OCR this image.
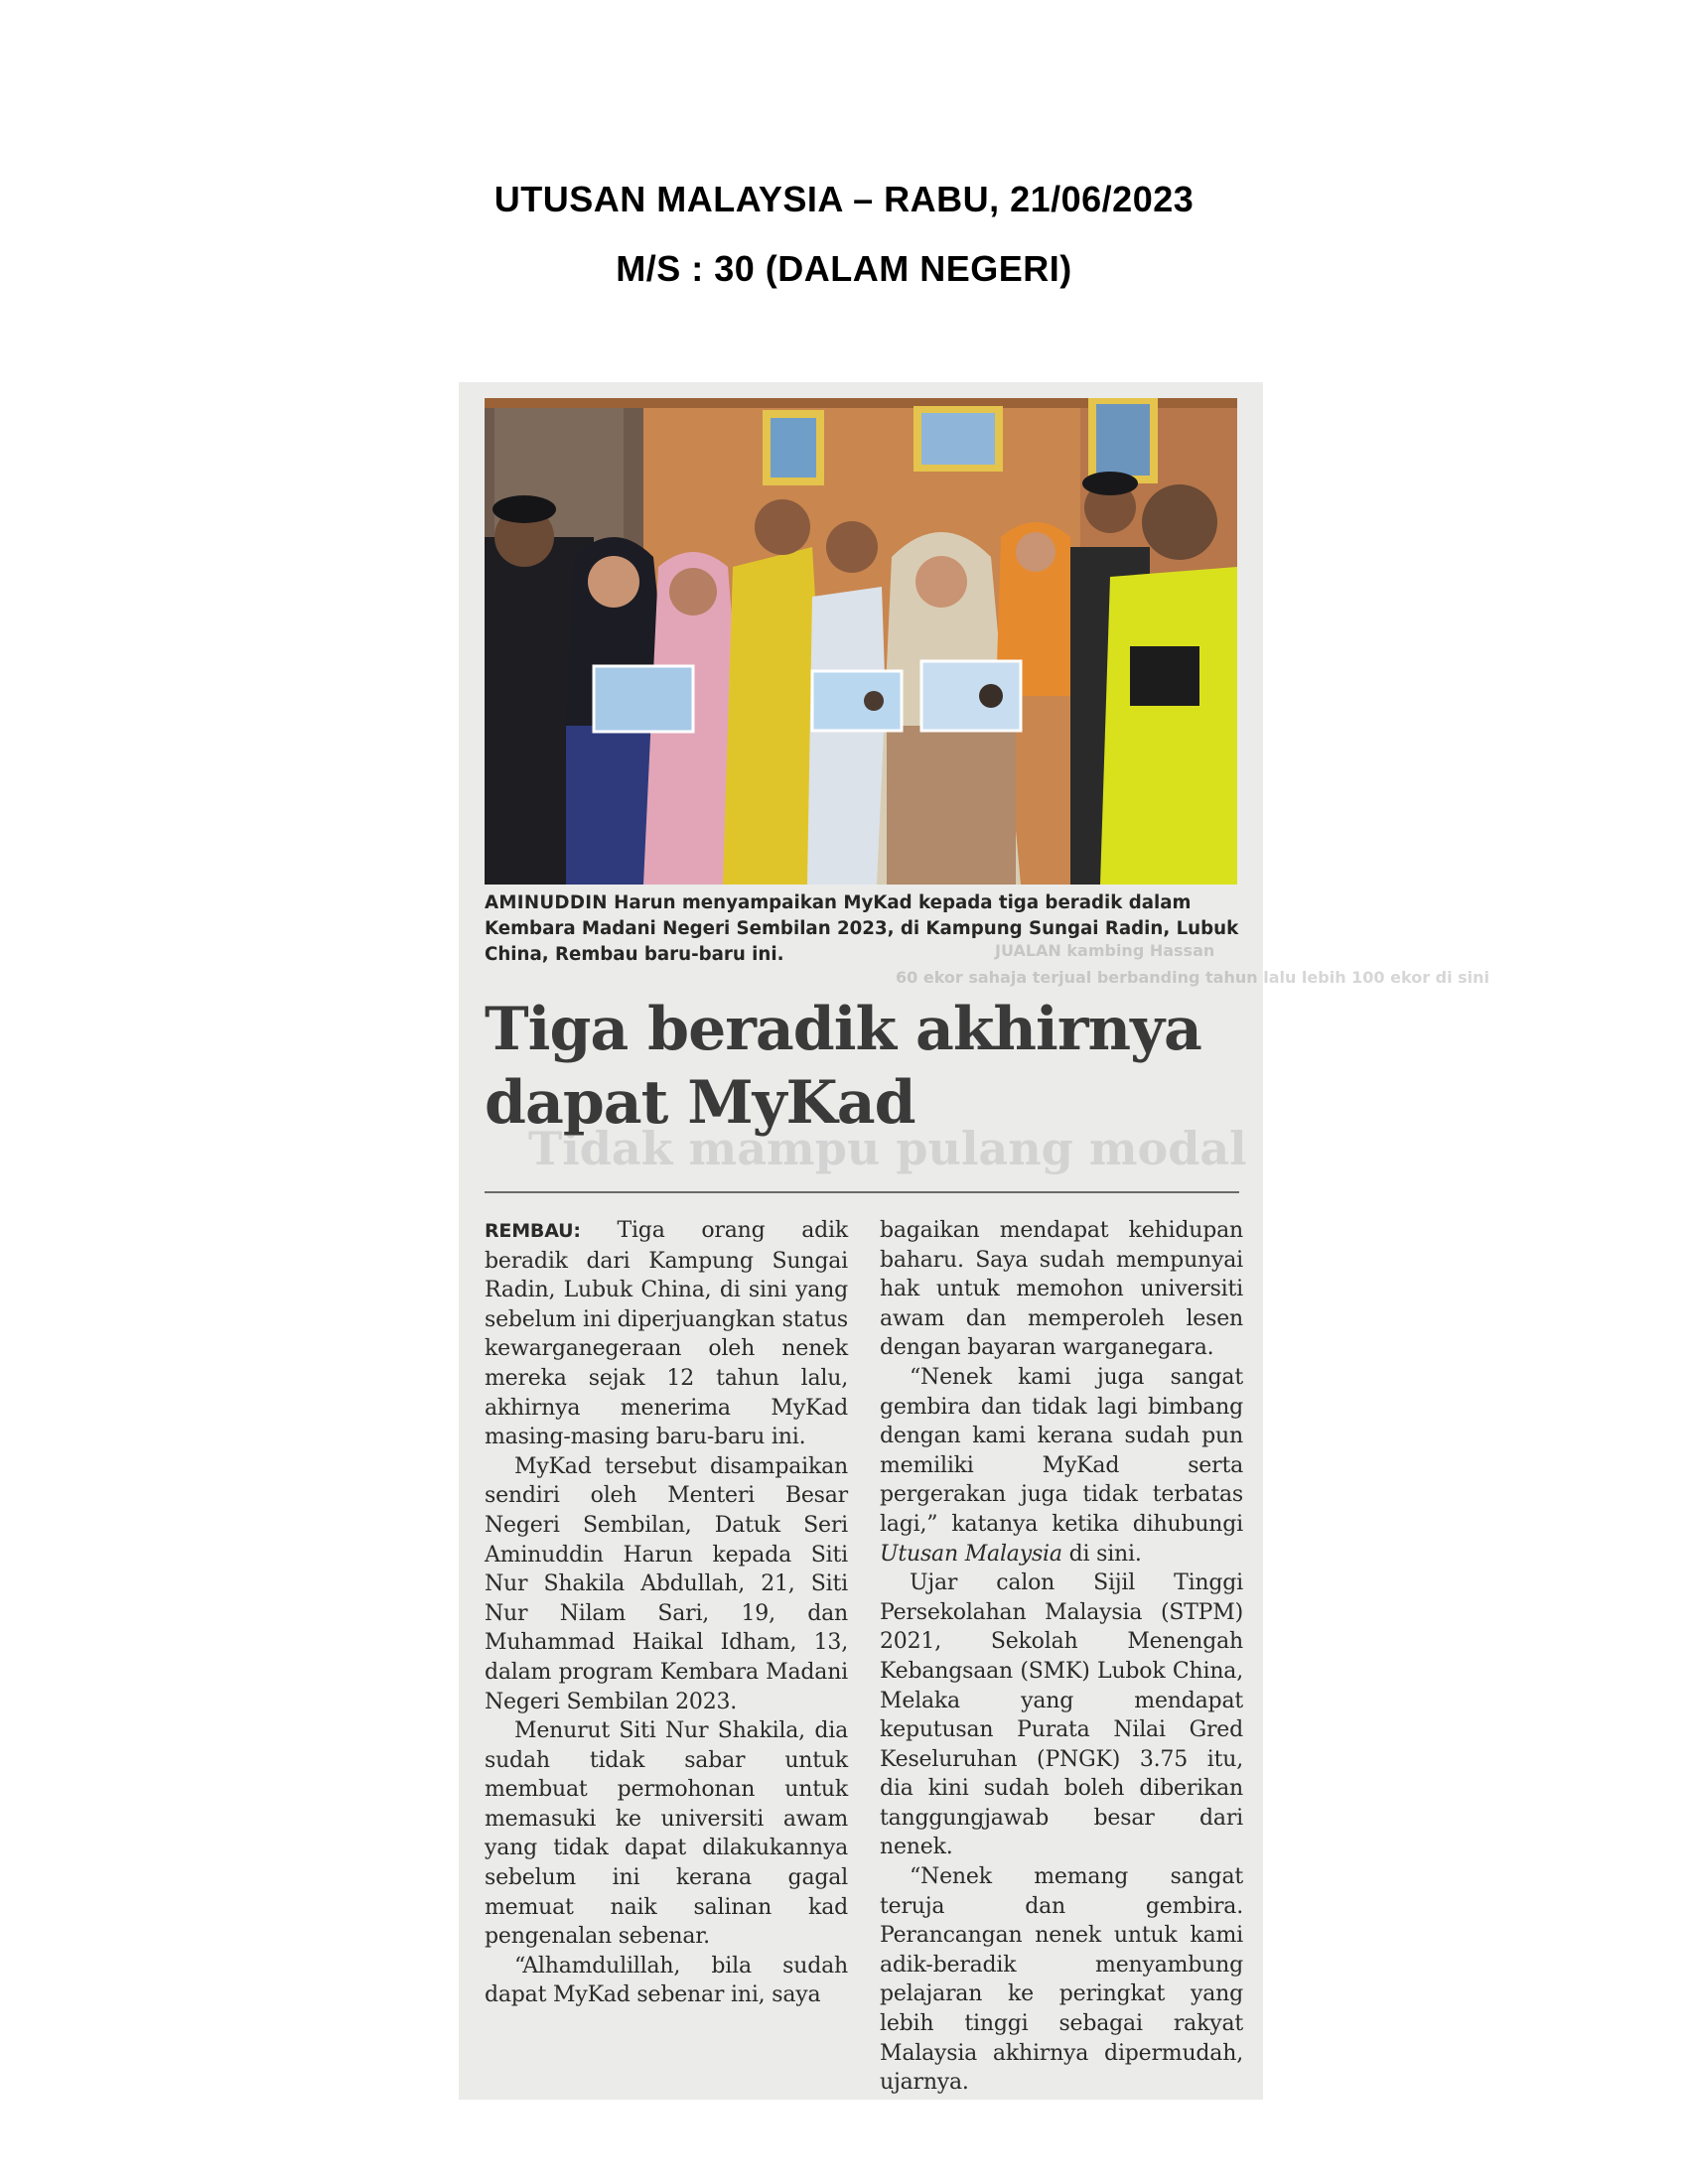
UTUSAN MALAYSIA – RABU, 21/06/2023
M/S : 30 (DALAM NEGERI)
JUALAN kambing Hassan
60 ekor sahaja terjual berbanding tahun lalu lebih 100 ekor di sini
Tidak mampu pulang modal
AMINUDDIN Harun menyampaikan MyKad kepada tiga beradik dalam Kembara Madani Negeri Sembilan 2023, di Kampung Sungai Radin, Lubuk China, Rembau baru-baru ini.
Tiga beradik akhirnya dapat MyKad

REMBAU: Tiga orang adik beradik dari Kampung Sungai Radin, Lubuk China, di sini yang sebelum ini diperjuangkan status kewarganegeraan oleh nenek mereka sejak 12 tahun lalu, akhirnya menerima MyKad masing-masing baru-baru ini.

MyKad tersebut disampaikan sendiri oleh Menteri Besar Negeri Sembilan, Datuk Seri Aminuddin Harun kepada Siti Nur Shakila Abdullah, 21, Siti Nur Nilam Sari, 19, dan Muhammad Haikal Idham, 13, dalam program Kembara Madani Negeri Sembilan 2023.

Menurut Siti Nur Shakila, dia sudah tidak sabar untuk membuat permohonan untuk memasuki ke universiti awam yang tidak dapat dilakukannya sebelum ini kerana gagal memuat naik salinan kad pengenalan sebenar.

“Alhamdulillah, bila sudah dapat MyKad sebenar ini, saya

bagaikan mendapat kehidupan baharu. Saya sudah mempunyai hak untuk memohon universiti awam dan memperoleh lesen dengan bayaran warganegara.

“Nenek kami juga sangat gembira dan tidak lagi bimbang dengan kami kerana sudah pun memiliki MyKad serta pergerakan juga tidak terbatas lagi,” katanya ketika dihubungi Utusan Malaysia di sini.

Ujar calon Sijil Tinggi Persekolahan Malaysia (STPM) 2021, Sekolah Menengah Kebangsaan (SMK) Lubok China, Melaka yang mendapat keputusan Purata Nilai Gred Keseluruhan (PNGK) 3.75 itu, dia kini sudah boleh diberikan tanggungjawab besar dari nenek.

“Nenek memang sangat teruja dan gembira. Perancangan nenek untuk kami adik-beradik menyambung pelajaran ke peringkat yang lebih tinggi sebagai rakyat Malaysia akhirnya dipermudah, ujarnya.
